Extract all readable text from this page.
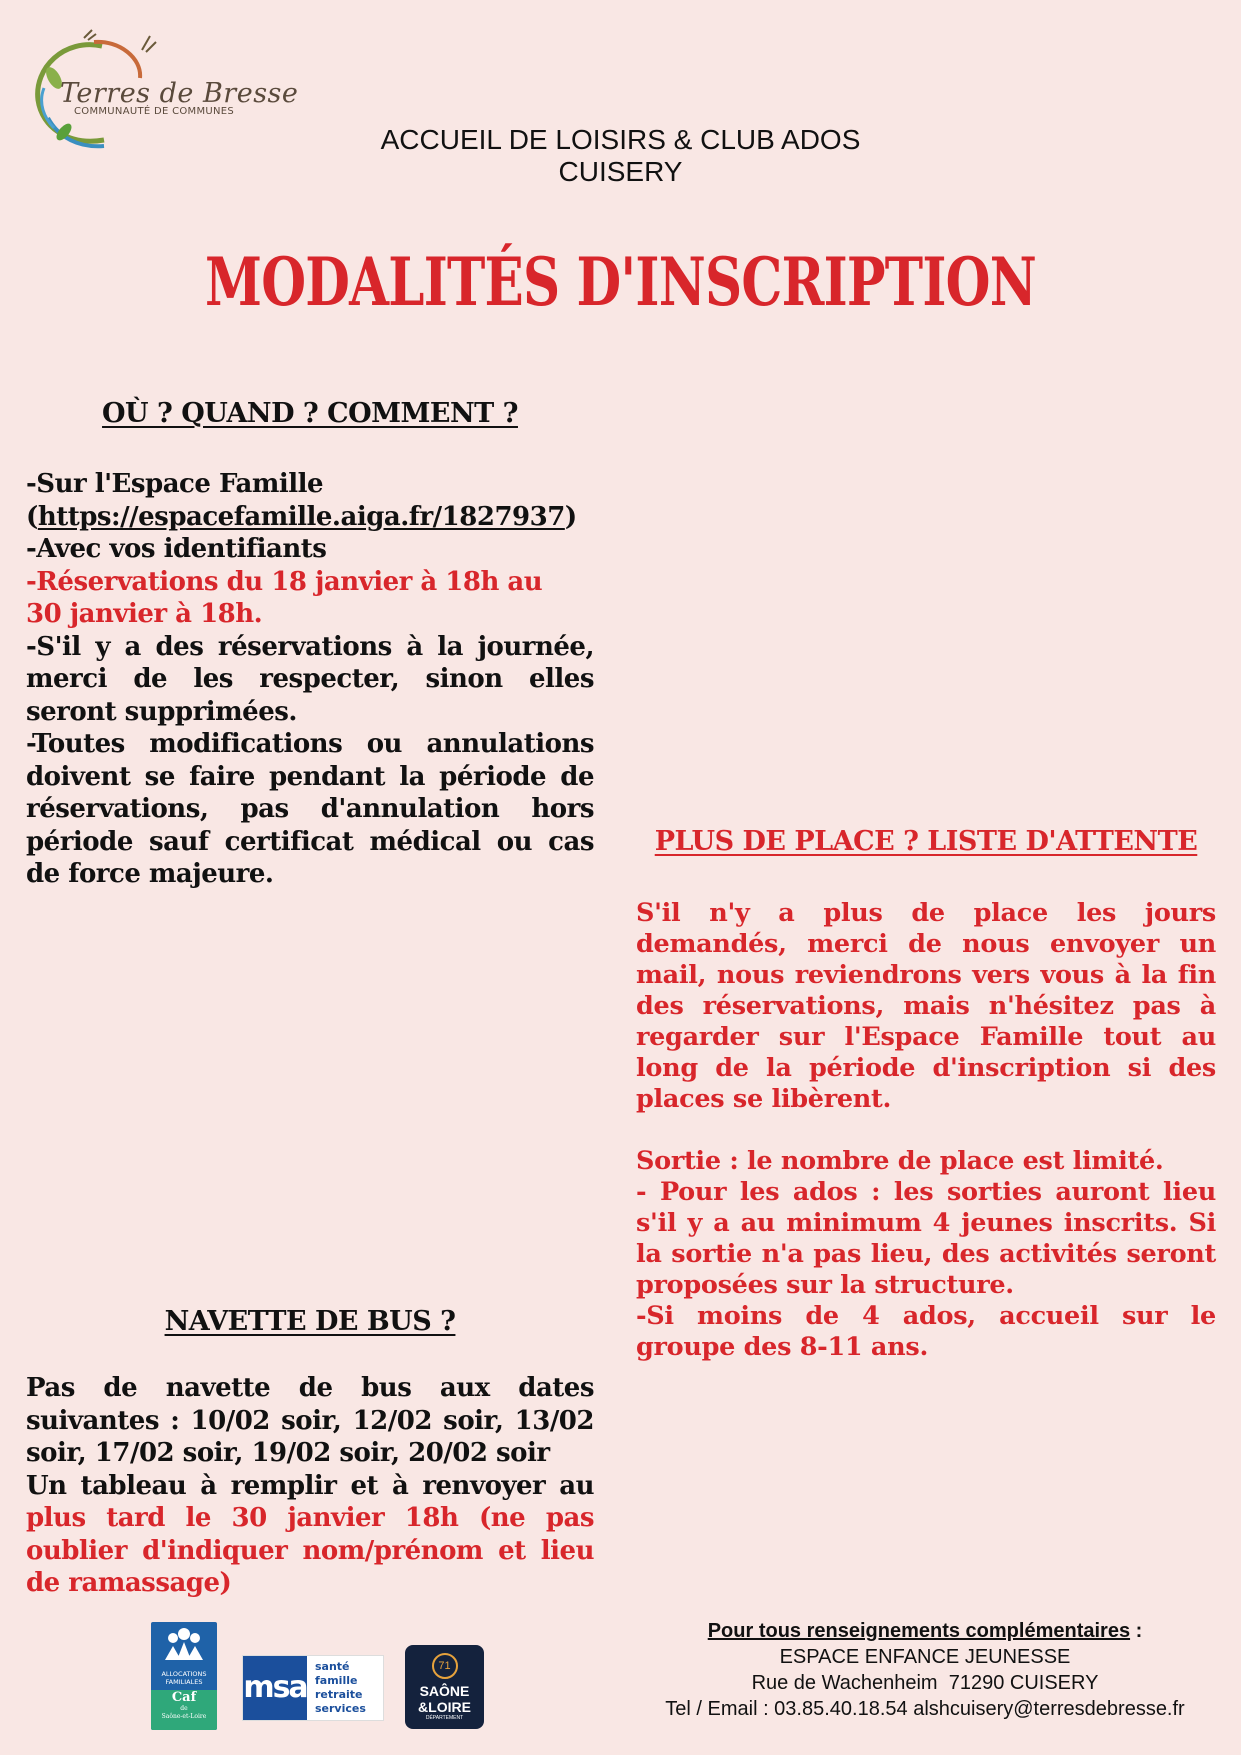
Terres de Bresse
COMMUNAUTÉ DE COMMUNES
ACCUEIL DE LOISIRS & CLUB ADOS
CUISERY
MODALITÉS D'INSCRIPTION
OÙ ? QUAND ? COMMENT ?
-Sur l'Espace Famille
(https://espacefamille.aiga.fr/1827937)
-Avec vos identifiants
-Réservations du 18 janvier à 18h au
30 janvier à 18h.
-S'il y a des réservations à la journée, merci de les respecter, sinon elles seront supprimées.
-Toutes modifications ou annulations doivent se faire pendant la période de réservations, pas d'annulation hors période sauf certificat médical ou cas de force majeure.
PLUS DE PLACE ? LISTE D'ATTENTE
S'il n'y a plus de place les jours demandés, merci de nous envoyer un mail, nous reviendrons vers vous à la fin des réservations, mais n'hésitez pas à regarder sur l'Espace Famille tout au long de la période d'inscription si des places se libèrent.
Sortie : le nombre de place est limité.
- Pour les ados : les sorties auront lieu s'il y a au minimum 4 jeunes inscrits. Si la sortie n'a pas lieu, des activités seront proposées sur la structure.
-Si moins de 4 ados, accueil sur le groupe des 8-11 ans.
NAVETTE DE BUS ?
Pas de navette de bus aux dates suivantes : 10/02 soir, 12/02 soir, 13/02 soir, 17/02 soir, 19/02 soir, 20/02 soir
Un tableau à remplir et à renvoyer au plus tard le 30 janvier 18h (ne pas oublier d'indiquer nom/prénom et lieu de ramassage)
ALLOCATIONS
FAMILIALES
Caf
de
Saône-et-Loire
msa
santé
famille
retraite
services
71
SAÔNE
&LOIRE
DÉPARTEMENT
Pour tous renseignements complémentaires :
ESPACE ENFANCE JEUNESSE
Rue de Wachenheim  71290 CUISERY
Tel / Email : 03.85.40.18.54 alshcuisery@terresdebresse.fr
